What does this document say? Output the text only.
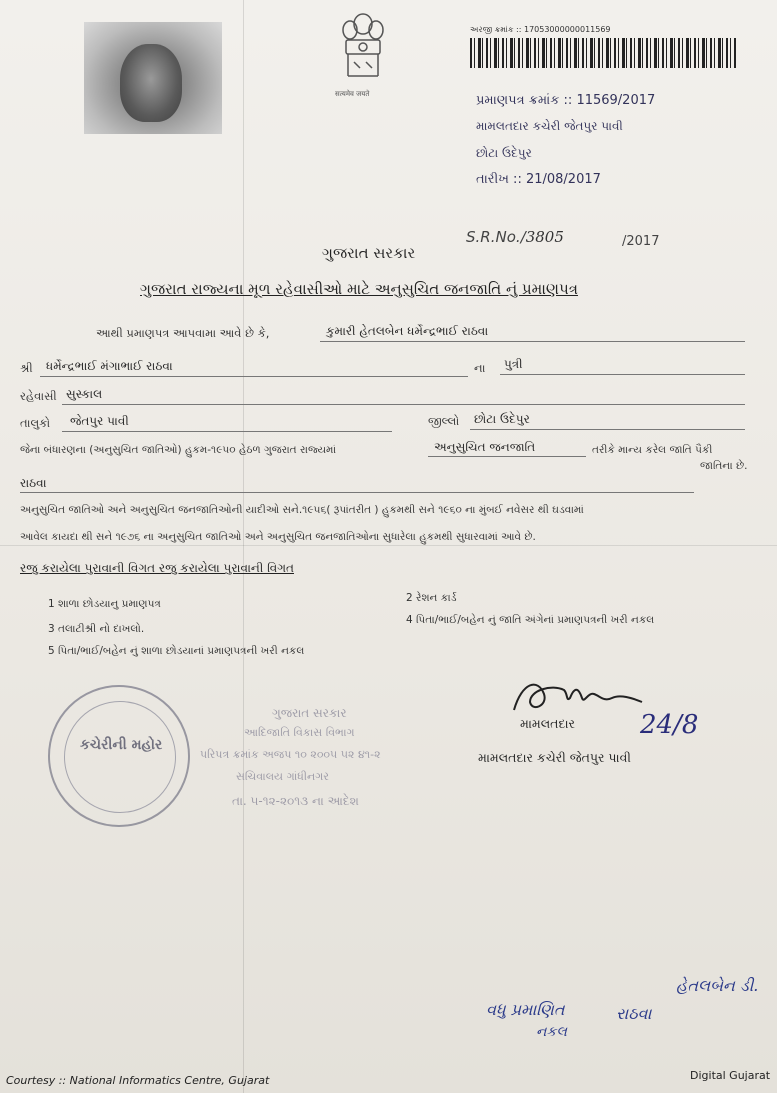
सत्यमेव जयते
અરજી ક્રમાંક :: 17053000000011569
પ્રમાણપત્ર ક્રમાંક :: 11569/2017
મામલતદાર કચેરી જેતપુર પાવી
છોટા ઉદેપુર
તારીખ :: 21/08/2017
S.R.No./3805	/2017
ગુજરાત સરકાર
ગુજરાત રાજ્યના મૂળ રહેવાસીઓ માટે અનુસુચિત જનજાતિ નું પ્રમાણપત્ર
આથી પ્રમાણપત્ર આપવામા આવે છે કે,	કુમારી હેતલબેન ધર્મેન્દ્રભાઈ રાઠવા
શ્રી ધર્મેન્દ્રભાઈ મંગાભાઈ રાઠવા	ના પુત્રી
રહેવાસી સુસ્કાલ
તાલુકો જેતપુર પાવી	જીલ્લો છોટા ઉદેપુર
જેના બંધારણના (અનુસુચિત જાતિઓ) હુકમ-૧૯૫૦ હેઠળ ગુજરાત રાજ્યમાં	અનુસુચિત જનજાતિ	તરીકે માન્ય કરેલ જાતિ પૈકી
જાતિના છે.
રાઠવા
અનુસુચિત જાતિઓ અને અનુસુચિત જનજાતિઓની યાદીઓ સને.૧૯૫૬( રૂપાંતરીત ) હુકમથી સને ૧૯૬૦ ના મુંબઈ નવેસર થી ઘડવામાં
આવેલ કાયદા થી સને ૧૯૭૬ ના અનુસુચિત જાતિઓ અને અનુસુચિત જનજાતિઓના સુધારેલા હુકમથી સુધારવામાં આવે છે.
રજુ કરાયેલા પુરાવાની વિગત રજુ કરાયેલા પુરાવાની વિગત
1 શાળા છોડયાનુ પ્રમાણપત્ર	2 રેશન કાર્ડ
3 તલાટીશ્રી નો દાખલો.
4 પિતા/ભાઈ/બહેન નું જાતિ અંગેનાં પ્રમાણપત્રની ખરી નકલ
5 પિતા/ભાઈ/બહેન નું શાળા છોડયાનાં પ્રમાણપત્રની ખરી નકલ
કચેરીની મહોર
ગુજરાત સરકાર
આદિજાતિ વિકાસ વિભાગ
પરિપત્ર ક્રમાંક અજપ ૧૦ ૨૦૦૫ ૫૨ ૪૧-૨
સચિવાલય ગાંધીનગર
તા. ૫-૧૨-૨૦૧૩ ના આદેશ
મામલતદાર	24/8
મામલતદાર કચેરી જેતપુર પાવી
વધુ પ્રમાણિત
નકલ
રાઠવા
હેતલબેન ડી.
Courtesy :: National Informatics Centre, Gujarat	Digital Gujarat
